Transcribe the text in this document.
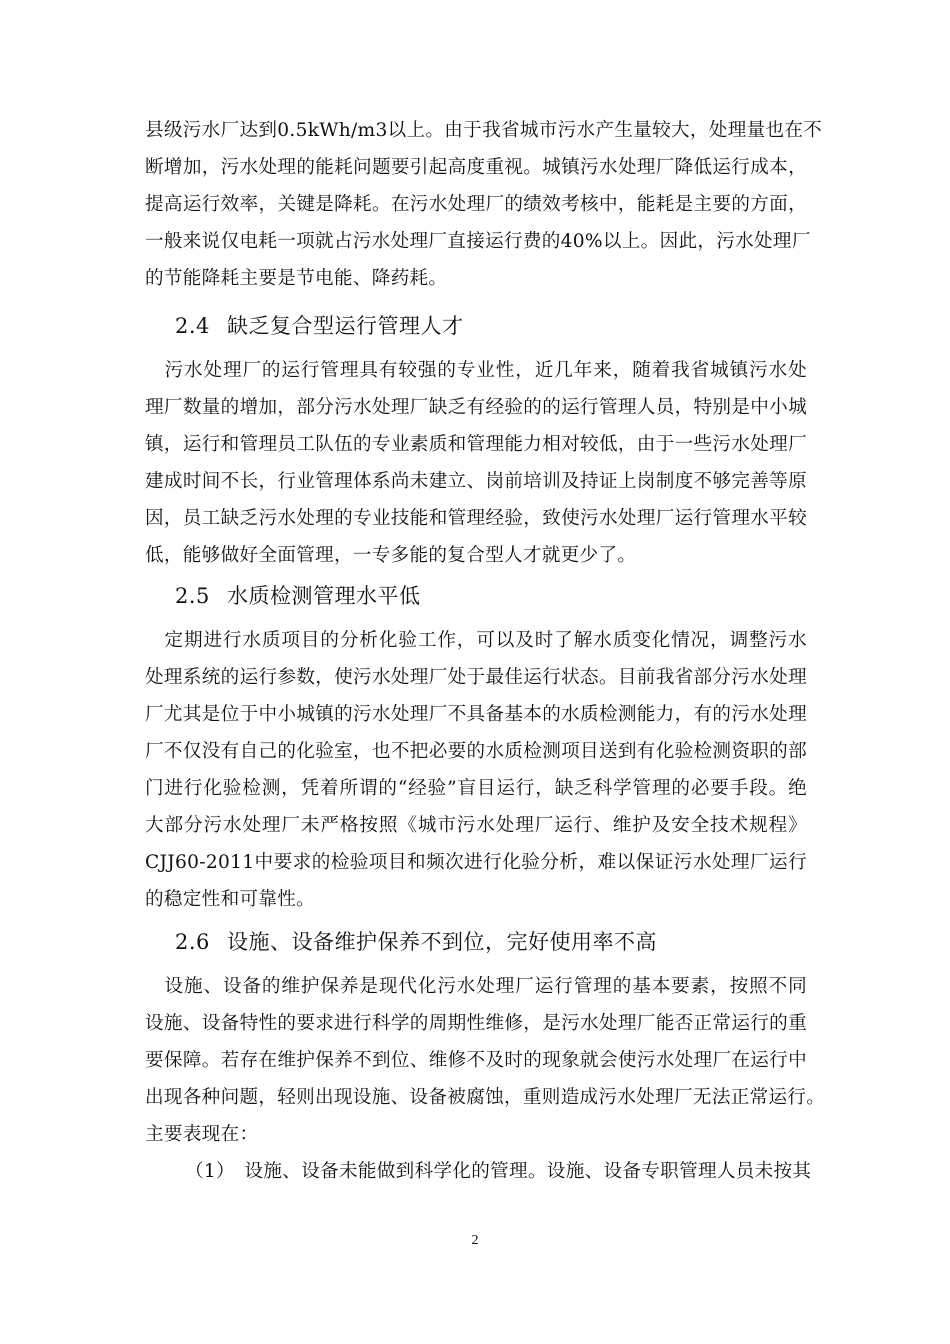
县级污水厂达到0.5kWh/m3以上。由于我省城市污水产生量较大，处理量也在不
断增加，污水处理的能耗问题要引起高度重视。城镇污水处理厂降低运行成本，
提高运行效率，关键是降耗。在污水处理厂的绩效考核中，能耗是主要的方面，
一般来说仅电耗一项就占污水处理厂直接运行费的40%以上。因此，污水处理厂
的节能降耗主要是节电能、降药耗。
2.4 缺乏复合型运行管理人才
　污水处理厂的运行管理具有较强的专业性，近几年来，随着我省城镇污水处
理厂数量的增加，部分污水处理厂缺乏有经验的的运行管理人员，特别是中小城
镇，运行和管理员工队伍的专业素质和管理能力相对较低，由于一些污水处理厂
建成时间不长，行业管理体系尚未建立、岗前培训及持证上岗制度不够完善等原
因，员工缺乏污水处理的专业技能和管理经验，致使污水处理厂运行管理水平较
低，能够做好全面管理，一专多能的复合型人才就更少了。
2.5 水质检测管理水平低
　定期进行水质项目的分析化验工作，可以及时了解水质变化情况，调整污水
处理系统的运行参数，使污水处理厂处于最佳运行状态。目前我省部分污水处理
厂尤其是位于中小城镇的污水处理厂不具备基本的水质检测能力，有的污水处理
厂不仅没有自己的化验室，也不把必要的水质检测项目送到有化验检测资职的部
门进行化验检测，凭着所谓的“经验”盲目运行，缺乏科学管理的必要手段。绝
大部分污水处理厂未严格按照《城市污水处理厂运行、维护及安全技术规程》
CJJ60-2011中要求的检验项目和频次进行化验分析，难以保证污水处理厂运行
的稳定性和可靠性。
2.6 设施、设备维护保养不到位，完好使用率不高
　设施、设备的维护保养是现代化污水处理厂运行管理的基本要素，按照不同
设施、设备特性的要求进行科学的周期性维修，是污水处理厂能否正常运行的重
要保障。若存在维护保养不到位、维修不及时的现象就会使污水处理厂在运行中
出现各种问题，轻则出现设施、设备被腐蚀，重则造成污水处理厂无法正常运行。
主要表现在：
（1）　设施、设备未能做到科学化的管理。设施、设备专职管理人员未按其
2
